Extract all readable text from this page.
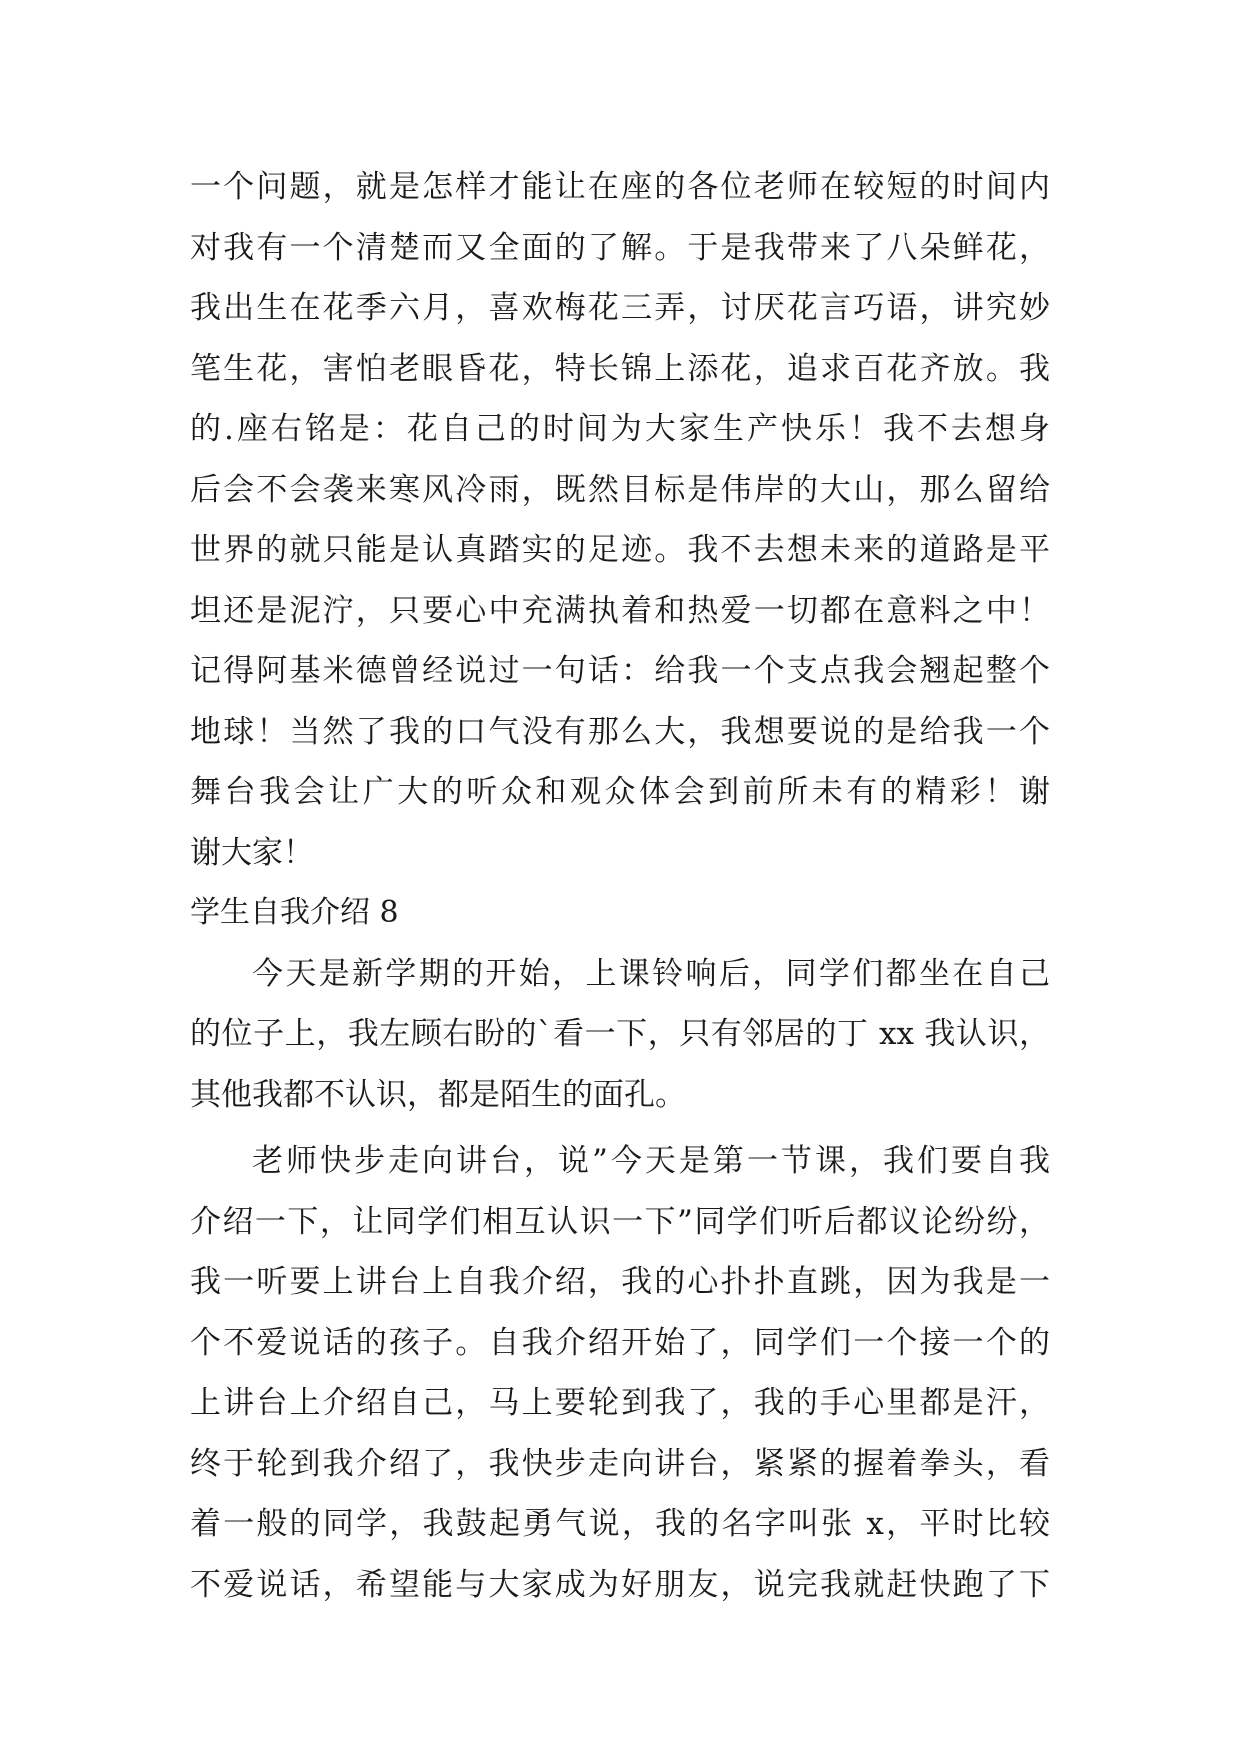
一个问题，就是怎样才能让在座的各位老师在较短的时间内
对我有一个清楚而又全面的了解。于是我带来了八朵鲜花，
我出生在花季六月，喜欢梅花三弄，讨厌花言巧语，讲究妙
笔生花，害怕老眼昏花，特长锦上添花，追求百花齐放。我
的.座右铭是：花自己的时间为大家生产快乐！我不去想身
后会不会袭来寒风冷雨，既然目标是伟岸的大山，那么留给
世界的就只能是认真踏实的足迹。我不去想未来的道路是平
坦还是泥泞，只要心中充满执着和热爱一切都在意料之中！
记得阿基米德曾经说过一句话：给我一个支点我会翘起整个
地球！当然了我的口气没有那么大，我想要说的是给我一个
舞台我会让广大的听众和观众体会到前所未有的精彩！谢
谢大家！
学生自我介绍 8
今天是新学期的开始，上课铃响后，同学们都坐在自己
的位子上，我左顾右盼的`看一下，只有邻居的丁 xx 我认识，
其他我都不认识，都是陌生的面孔。
老师快步走向讲台，说”今天是第一节课，我们要自我
介绍一下，让同学们相互认识一下”同学们听后都议论纷纷，
我一听要上讲台上自我介绍，我的心扑扑直跳，因为我是一
个不爱说话的孩子。自我介绍开始了，同学们一个接一个的
上讲台上介绍自己，马上要轮到我了，我的手心里都是汗，
终于轮到我介绍了，我快步走向讲台，紧紧的握着拳头，看
着一般的同学，我鼓起勇气说，我的名字叫张 x，平时比较
不爱说话，希望能与大家成为好朋友，说完我就赶快跑了下
